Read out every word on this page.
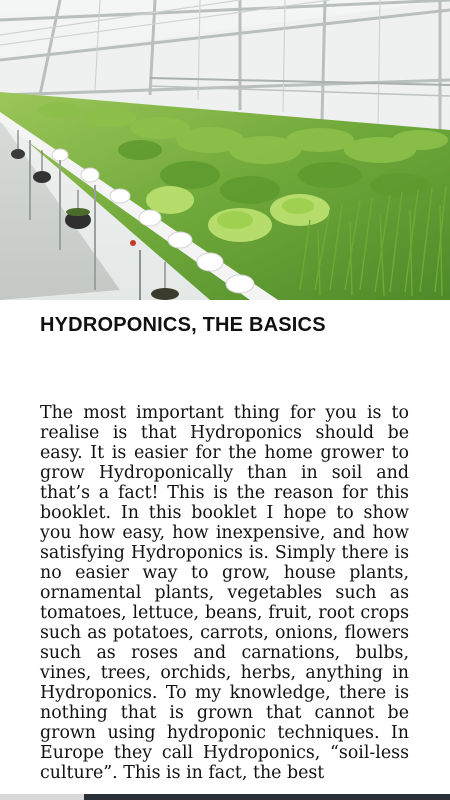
HYDROPONICS, THE BASICS

The most important thing for you is to realise is that Hydroponics should be easy. It is easier for the home grower to grow Hydroponically than in soil and that’s a fact! This is the reason for this booklet. In this booklet I hope to show you how easy, how inexpensive, and how satisfying Hydroponics is. Simply there is no easier way to grow, house plants, ornamental plants, vegetables such as tomatoes, lettuce, beans, fruit, root crops such as potatoes, carrots, onions, flowers such as roses and carnations, bulbs, vines, trees, orchids, herbs, anything in Hydroponics. To my knowledge, there is nothing that is grown that cannot be grown using hydroponic techniques. In Europe they call Hydroponics, “soil-less culture”. This is in fact, the best
